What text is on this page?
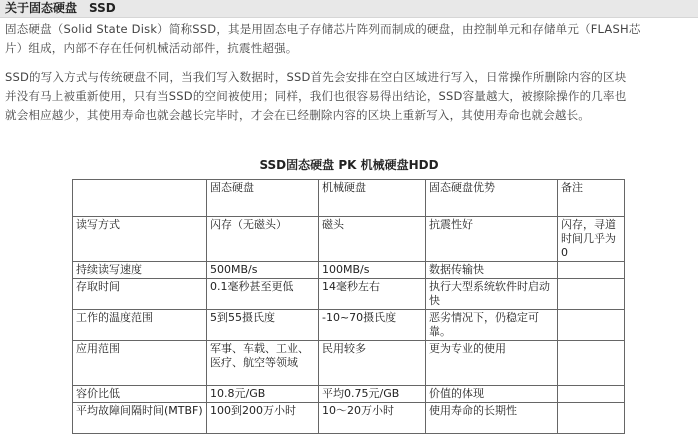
关于固态硬盘　SSD
固态硬盘（Solid State Disk）简称SSD，其是用固态电子存储芯片阵列而制成的硬盘，由控制单元和存储单元（FLASH芯
片）组成，内部不存在任何机械活动部件，抗震性超强。
SSD的写入方式与传统硬盘不同，当我们写入数据时，SSD首先会安排在空白区域进行写入，日常操作所删除内容的区块
并没有马上被重新使用，只有当SSD的空间被使用；同样，我们也很容易得出结论，SSD容量越大，被擦除操作的几率也
就会相应越少，其使用寿命也就会越长完毕时，才会在已经删除内容的区块上重新写入，其使用寿命也就会越长。
SSD固态硬盘 PK 机械硬盘HDD
	固态硬盘	机械硬盘	固态硬盘优势	备注
读写方式	闪存（无磁头）	磁头	抗震性好	闪存，寻道时间几乎为0
持续读写速度	500MB/s	100MB/s	数据传输快	
存取时间	0.1毫秒甚至更低	14毫秒左右	执行大型系统软件时启动快	
工作的温度范围	5到55摄氏度	-10~70摄氏度	恶劣情况下，仍稳定可靠。	
应用范围	军事、车载、工业、医疗、航空等领域	民用较多	更为专业的使用	
容价比低	10.8元/GB	平均0.75元/GB	价值的体现	
平均故障间隔时间(MTBF)	100到200万小时	10～20万小时	使用寿命的长期性	
